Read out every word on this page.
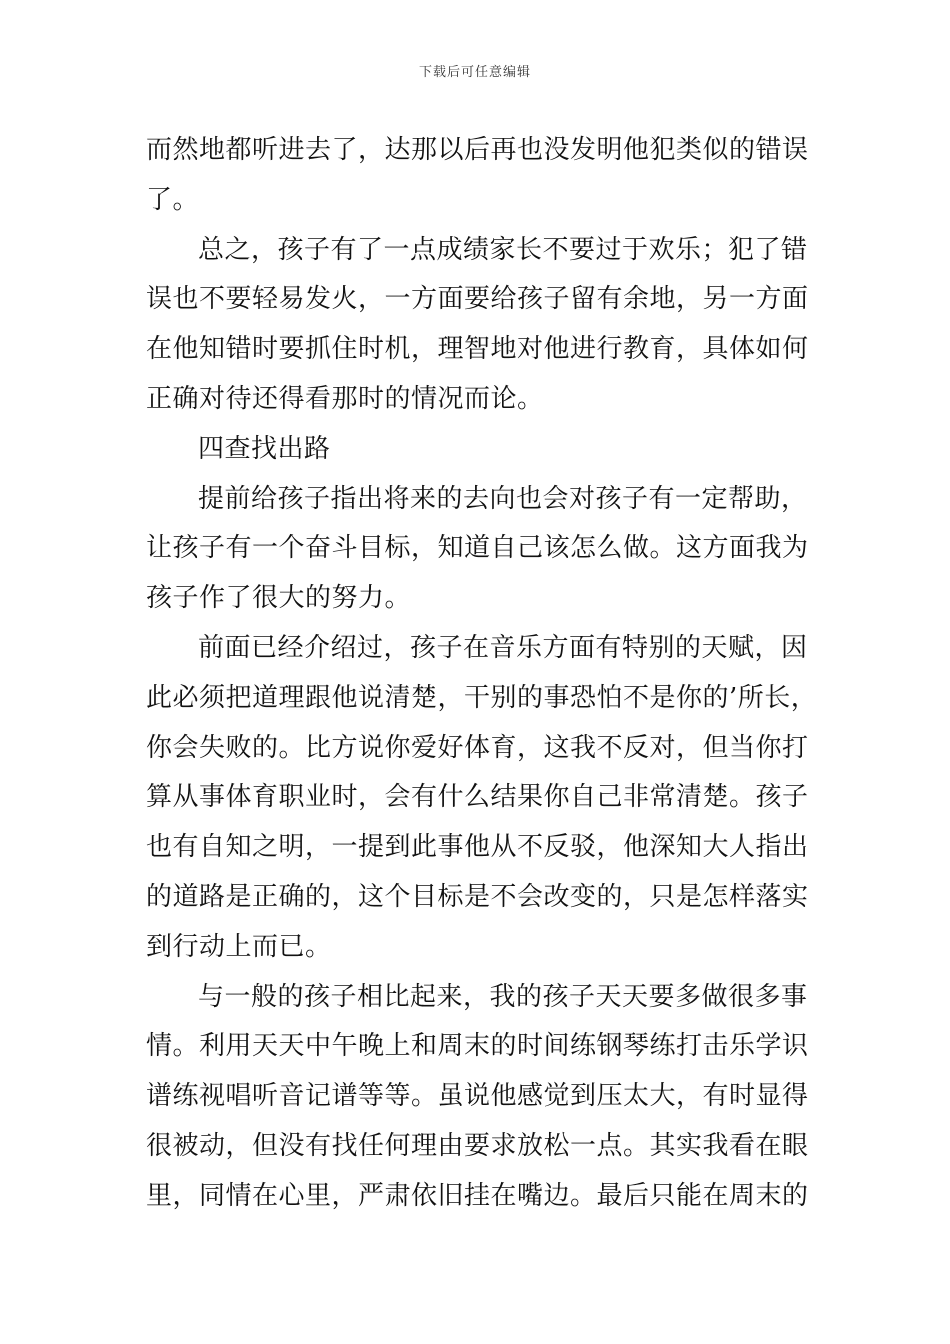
下载后可任意编辑
而然地都听进去了，达那以后再也没发明他犯类似的错误
了。
总之，孩子有了一点成绩家长不要过于欢乐；犯了错
误也不要轻易发火，一方面要给孩子留有余地，另一方面
在他知错时要抓住时机，理智地对他进行教育，具体如何
正确对待还得看那时的情况而论。
四查找出路
提前给孩子指出将来的去向也会对孩子有一定帮助，
让孩子有一个奋斗目标，知道自己该怎么做。这方面我为
孩子作了很大的努力。
前面已经介绍过，孩子在音乐方面有特别的天赋，因
此必须把道理跟他说清楚，干别的事恐怕不是你的’所长，
你会失败的。比方说你爱好体育，这我不反对，但当你打
算从事体育职业时，会有什么结果你自己非常清楚。孩子
也有自知之明，一提到此事他从不反驳，他深知大人指出
的道路是正确的，这个目标是不会改变的，只是怎样落实
到行动上而已。
与一般的孩子相比起来，我的孩子天天要多做很多事
情。利用天天中午晚上和周末的时间练钢琴练打击乐学识
谱练视唱听音记谱等等。虽说他感觉到压太大，有时显得
很被动，但没有找任何理由要求放松一点。其实我看在眼
里，同情在心里，严肃依旧挂在嘴边。最后只能在周末的
